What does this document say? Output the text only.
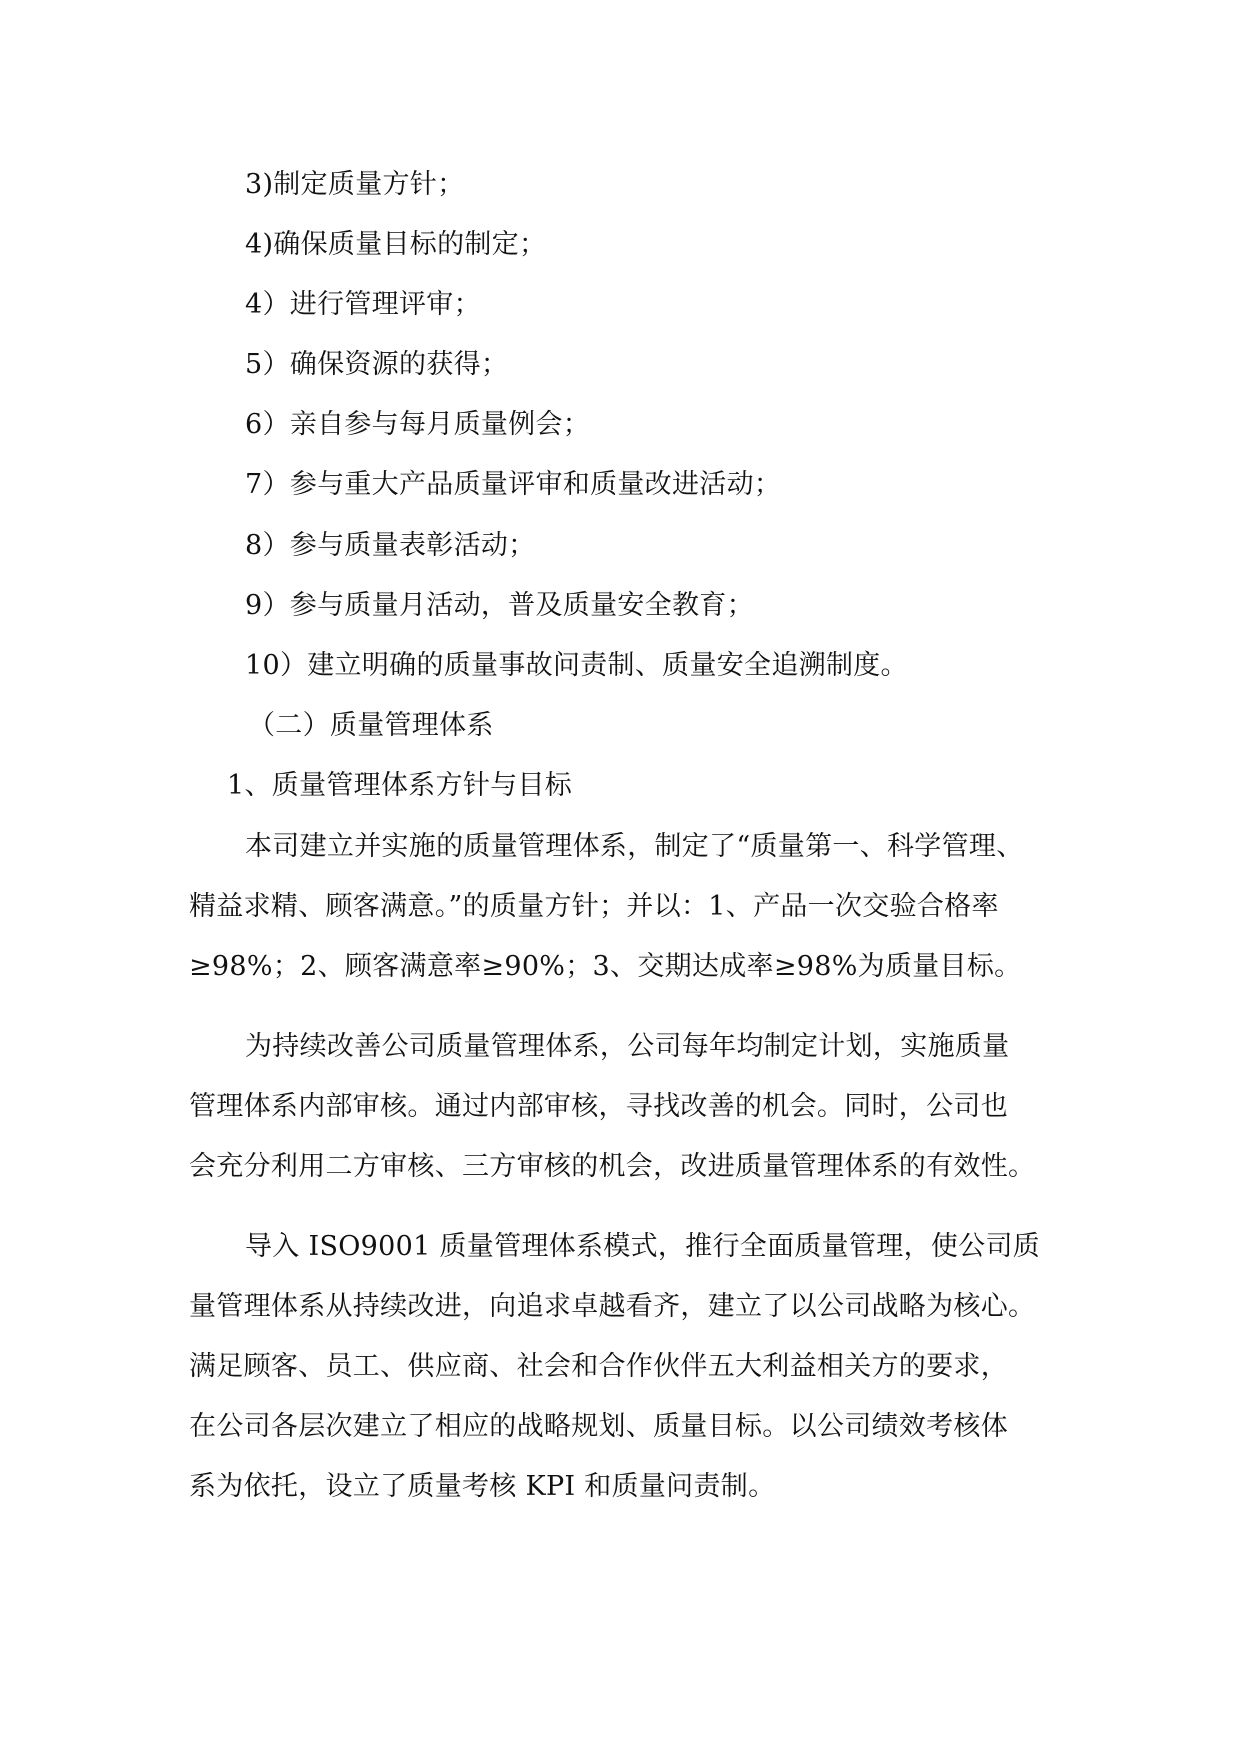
3)制定质量方针；
4)确保质量目标的制定；
4）进行管理评审；
5）确保资源的获得；
6）亲自参与每月质量例会；
7）参与重大产品质量评审和质量改进活动；
8）参与质量表彰活动；
9）参与质量月活动，普及质量安全教育；
10）建立明确的质量事故问责制、质量安全追溯制度。
（二）质量管理体系
1、质量管理体系方针与目标
本司建立并实施的质量管理体系，制定了“质量第一、科学管理、
精益求精、顾客满意。”的质量方针；并以：1、产品一次交验合格率
≥98%；2、顾客满意率≥90%；3、交期达成率≥98%为质量目标。
为持续改善公司质量管理体系，公司每年均制定计划，实施质量
管理体系内部审核。通过内部审核，寻找改善的机会。同时，公司也
会充分利用二方审核、三方审核的机会，改进质量管理体系的有效性。
导入 ISO9001 质量管理体系模式，推行全面质量管理，使公司质
量管理体系从持续改进，向追求卓越看齐，建立了以公司战略为核心。
满足顾客、员工、供应商、社会和合作伙伴五大利益相关方的要求，
在公司各层次建立了相应的战略规划、质量目标。以公司绩效考核体
系为依托，设立了质量考核 KPI 和质量问责制。
